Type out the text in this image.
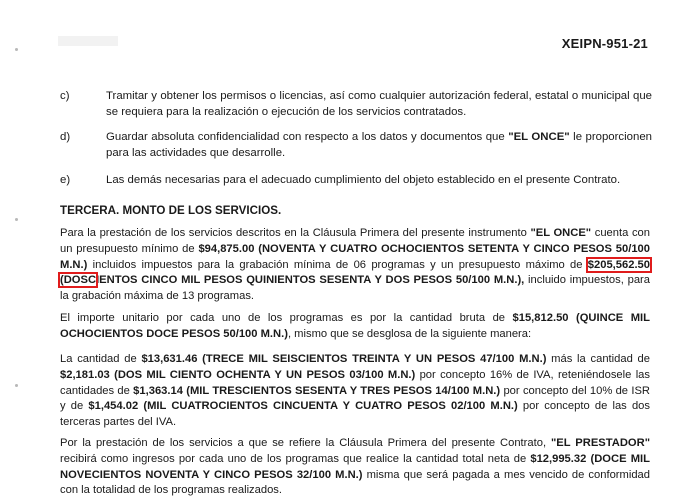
XEIPN-951-21
c)	Tramitar y obtener los permisos o licencias, así como cualquier autorización federal, estatal o municipal que se requiera para la realización o ejecución de los servicios contratados.
d)	Guardar absoluta confidencialidad con respecto a los datos y documentos que "EL ONCE" le proporcionen para las actividades que desarrolle.
e)	Las demás necesarias para el adecuado cumplimiento del objeto establecido en el presente Contrato.
TERCERA. MONTO DE LOS SERVICIOS.
Para la prestación de los servicios descritos en la Cláusula Primera del presente instrumento "EL ONCE" cuenta con un presupuesto mínimo de $94,875.00 (NOVENTA Y CUATRO OCHOCIENTOS SETENTA Y CINCO PESOS 50/100 M.N.) incluidos impuestos para la grabación mínima de 06 programas y un presupuesto máximo de $205,562.50 (DOSCIENTOS CINCO MIL PESOS QUINIENTOS SESENTA Y DOS PESOS 50/100 M.N.), incluido impuestos, para la grabación máxima de 13 programas.
El importe unitario por cada uno de los programas es por la cantidad bruta de $15,812.50 (QUINCE MIL OCHOCIENTOS DOCE PESOS 50/100 M.N.), mismo que se desglosa de la siguiente manera:
La cantidad de $13,631.46 (TRECE MIL SEISCIENTOS TREINTA Y UN PESOS 47/100 M.N.) más la cantidad de $2,181.03 (DOS MIL CIENTO OCHENTA Y UN PESOS 03/100 M.N.) por concepto 16% de IVA, reteniéndosele las cantidades de $1,363.14 (MIL TRESCIENTOS SESENTA Y TRES PESOS 14/100 M.N.) por concepto del 10% de ISR y de $1,454.02 (MIL CUATROCIENTOS CINCUENTA Y CUATRO PESOS 02/100 M.N.) por concepto de las dos terceras partes del IVA.
Por la prestación de los servicios a que se refiere la Cláusula Primera del presente Contrato, "EL PRESTADOR" recibirá como ingresos por cada uno de los programas que realice la cantidad total neta de $12,995.32 (DOCE MIL NOVECIENTOS NOVENTA Y CINCO PESOS 32/100 M.N.) misma que será pagada a mes vencido de conformidad con la totalidad de los programas realizados.
